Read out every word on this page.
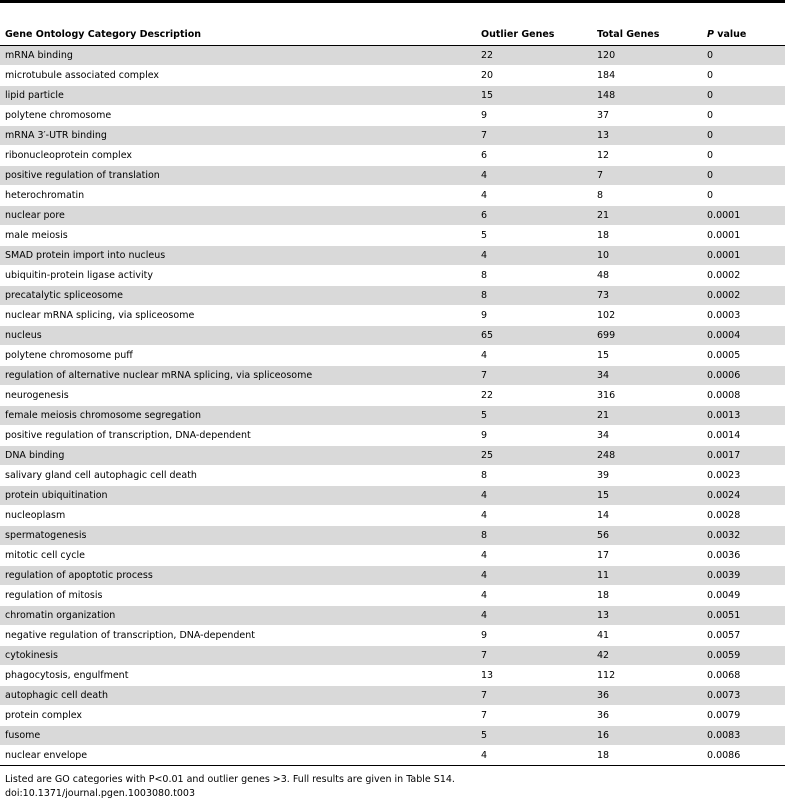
Gene Ontology Category Description	Outlier Genes	Total Genes	P value
mRNA binding	22	120	0
microtubule associated complex	20	184	0
lipid particle	15	148	0
polytene chromosome	9	37	0
mRNA 3′-UTR binding	7	13	0
ribonucleoprotein complex	6	12	0
positive regulation of translation	4	7	0
heterochromatin	4	8	0
nuclear pore	6	21	0.0001
male meiosis	5	18	0.0001
SMAD protein import into nucleus	4	10	0.0001
ubiquitin-protein ligase activity	8	48	0.0002
precatalytic spliceosome	8	73	0.0002
nuclear mRNA splicing, via spliceosome	9	102	0.0003
nucleus	65	699	0.0004
polytene chromosome puff	4	15	0.0005
regulation of alternative nuclear mRNA splicing, via spliceosome	7	34	0.0006
neurogenesis	22	316	0.0008
female meiosis chromosome segregation	5	21	0.0013
positive regulation of transcription, DNA-dependent	9	34	0.0014
DNA binding	25	248	0.0017
salivary gland cell autophagic cell death	8	39	0.0023
protein ubiquitination	4	15	0.0024
nucleoplasm	4	14	0.0028
spermatogenesis	8	56	0.0032
mitotic cell cycle	4	17	0.0036
regulation of apoptotic process	4	11	0.0039
regulation of mitosis	4	18	0.0049
chromatin organization	4	13	0.0051
negative regulation of transcription, DNA-dependent	9	41	0.0057
cytokinesis	7	42	0.0059
phagocytosis, engulfment	13	112	0.0068
autophagic cell death	7	36	0.0073
protein complex	7	36	0.0079
fusome	5	16	0.0083
nuclear envelope	4	18	0.0086
Listed are GO categories with P<0.01 and outlier genes >3. Full results are given in Table S14.
doi:10.1371/journal.pgen.1003080.t003
